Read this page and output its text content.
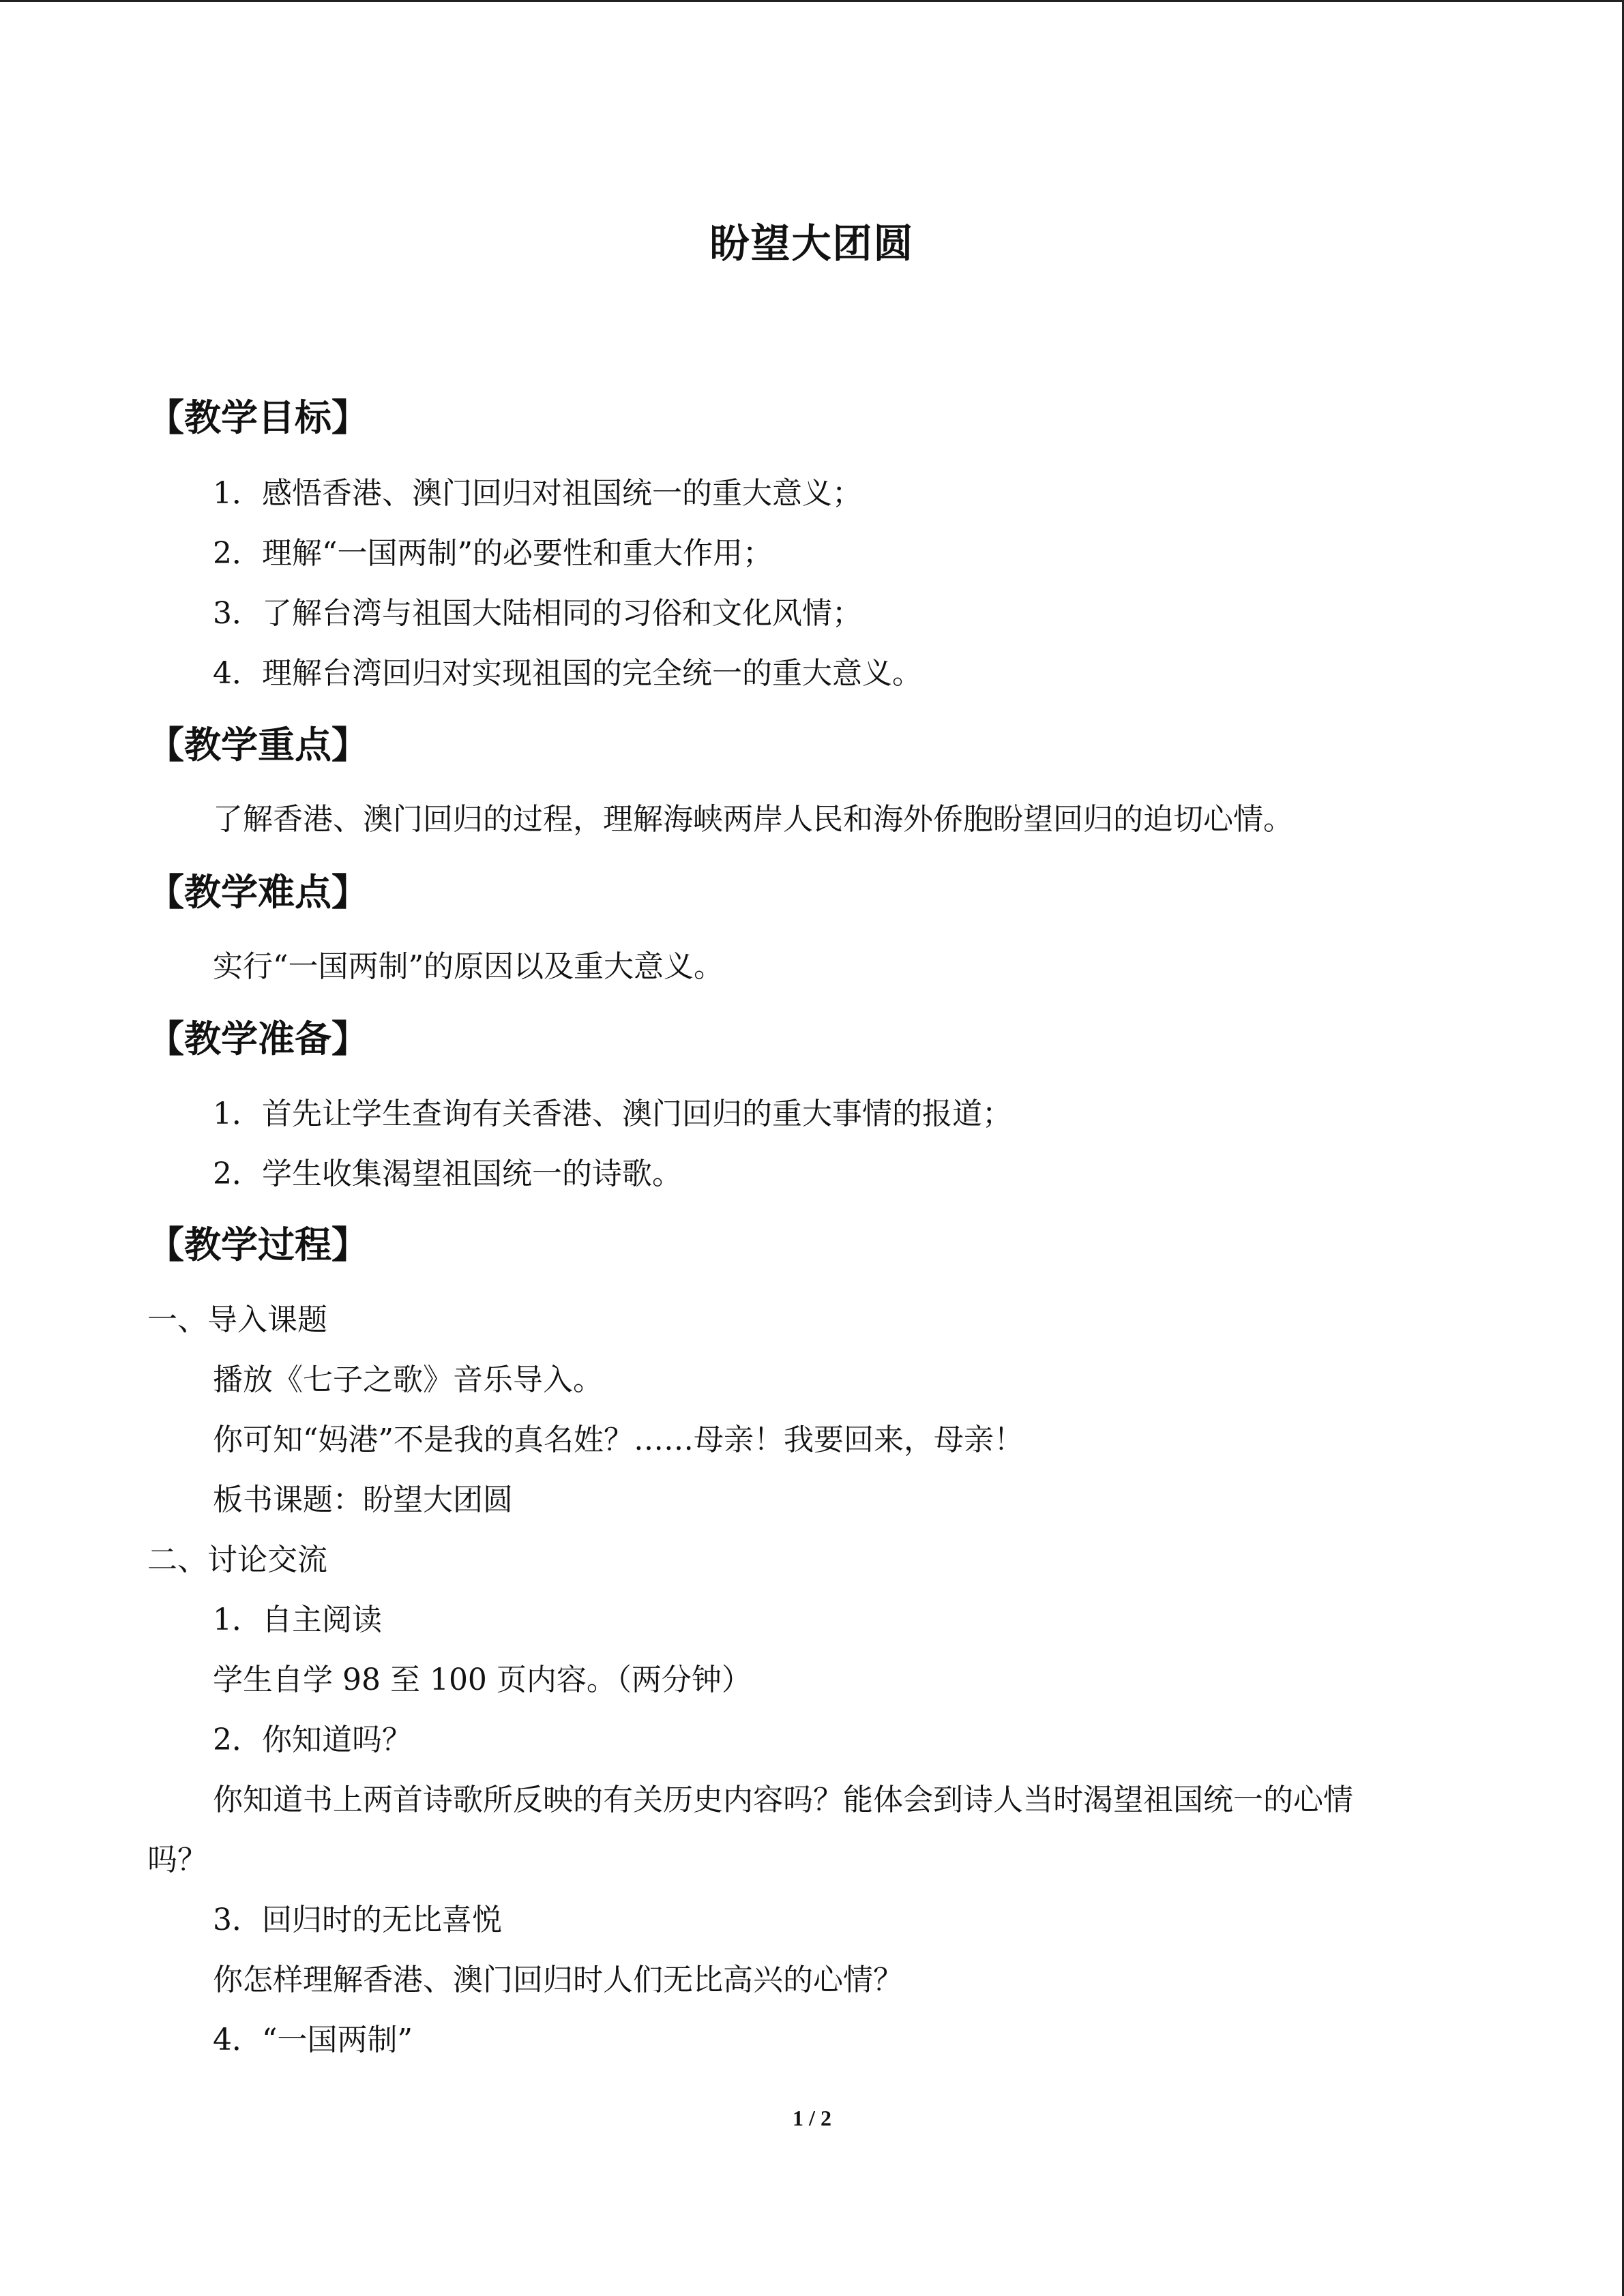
盼望大团圆
【教学目标】
1．感悟香港、澳门回归对祖国统一的重大意义；
2．理解“一国两制”的必要性和重大作用；
3．了解台湾与祖国大陆相同的习俗和文化风情；
4．理解台湾回归对实现祖国的完全统一的重大意义。
【教学重点】
了解香港、澳门回归的过程，理解海峡两岸人民和海外侨胞盼望回归的迫切心情。
【教学难点】
实行“一国两制”的原因以及重大意义。
【教学准备】
1．首先让学生查询有关香港、澳门回归的重大事情的报道；
2．学生收集渴望祖国统一的诗歌。
【教学过程】
一、导入课题
播放《七子之歌》音乐导入。
你可知“妈港”不是我的真名姓？……母亲！我要回来，母亲！
板书课题：盼望大团圆
二、讨论交流
1．自主阅读
学生自学 98 至 100 页内容。（两分钟）
2．你知道吗？
你知道书上两首诗歌所反映的有关历史内容吗？能体会到诗人当时渴望祖国统一的心情
吗？
3．回归时的无比喜悦
你怎样理解香港、澳门回归时人们无比高兴的心情？
4．“一国两制”
1 / 2
